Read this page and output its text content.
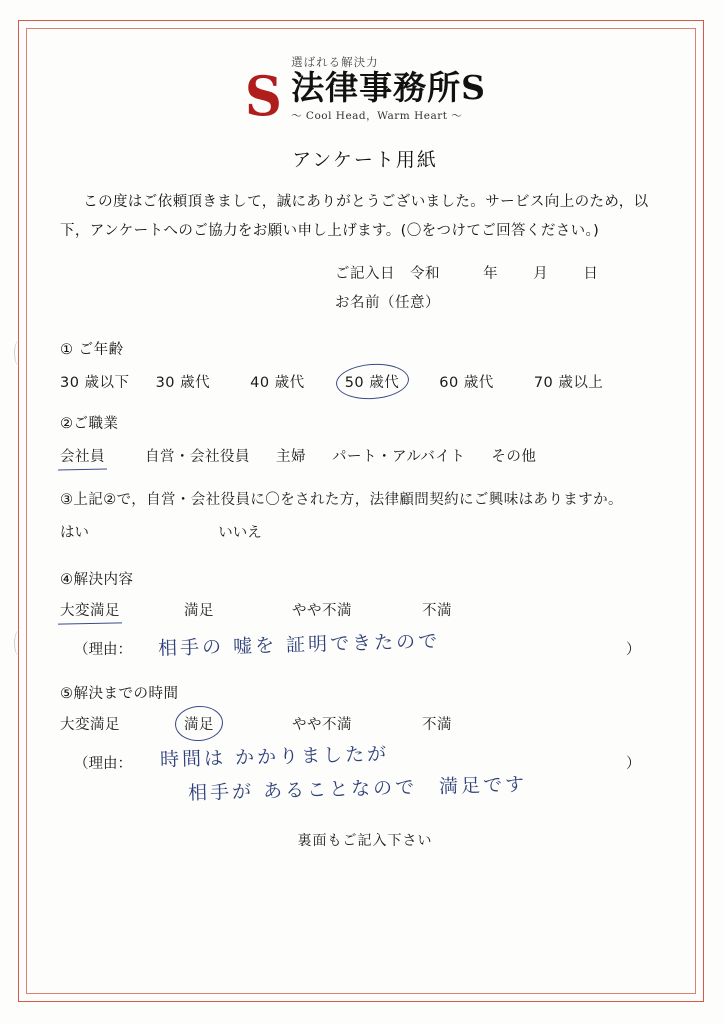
S
選ばれる解決力
法律事務所S
～ Cool Head，Warm Heart ～
アンケート用紙
この度はご依頼頂きまして，誠にありがとうございました。サービス向上のため，以下，アンケートへのご協力をお願い申し上げます。(〇をつけてご回答ください。)
ご記入日　令和	年 月 日
お名前（任意）
① ご年齢
30 歳以下 30 歳代	40 歳代	50 歳代	60 歳代	70 歳以上
②ご職業
会社員	自営・会社役員 主婦 パート・アルバイト その他
③上記②で，自営・会社役員に〇をされた方，法律顧問契約にご興味はありますか。
はい	いいえ
④解決内容
大変満足	満足	やや不満	不満
（理由： 相手の 嘘を 証明できたので	）
⑤解決までの時間
大変満足	満足	やや不満	不満
（理由： 時間は かかりましたが
相手が あることなので　満足です
）
裏面もご記入下さい
